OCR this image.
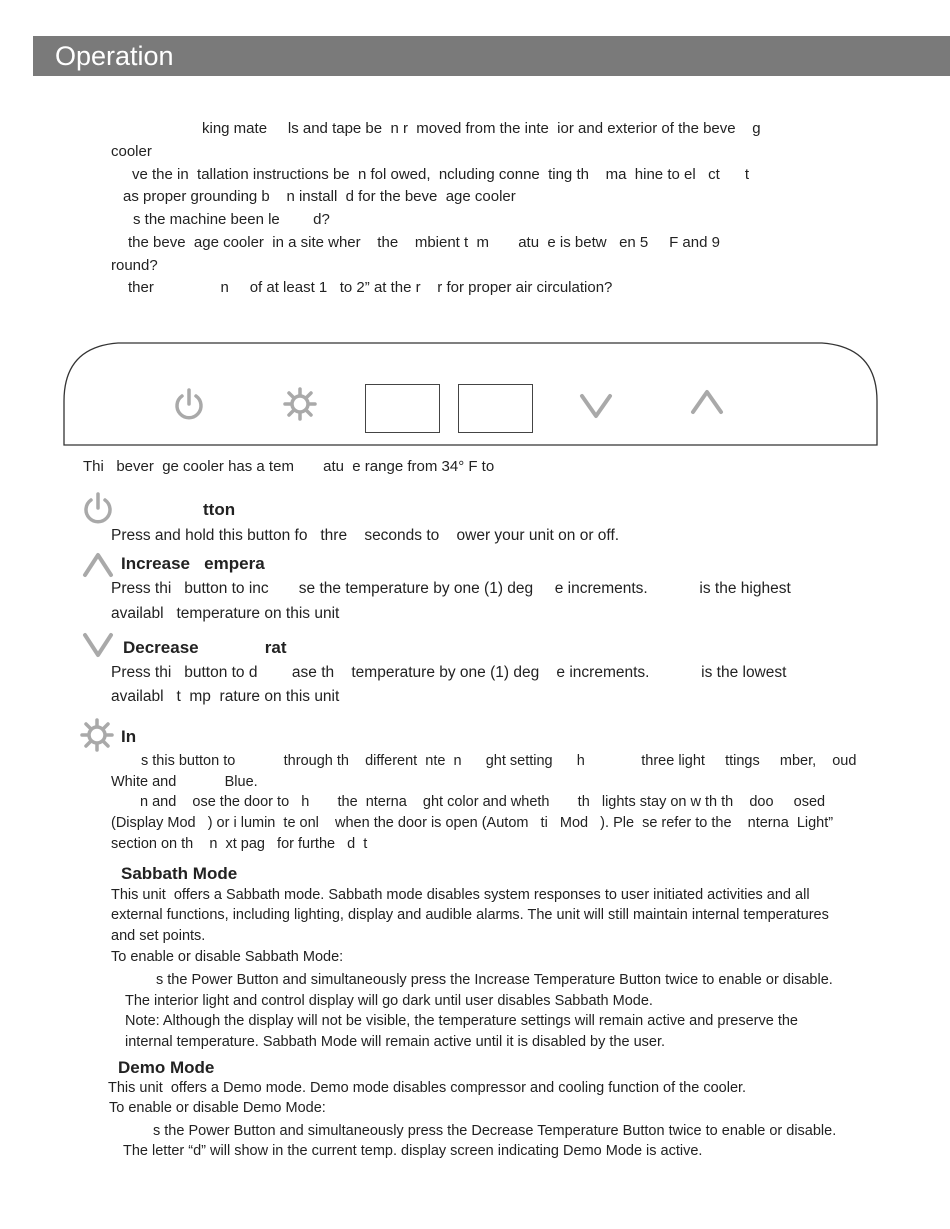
Operation
king mate     ls and tape be  n r  moved from the inte  ior and exterior of the beve    g
cooler
ve the in  tallation instructions be  n fol owed,  ncluding conne  ting th    ma  hine to el   ct      t
as proper grounding b    n install  d for the beve  age cooler
s the machine been le        d?
the beve  age cooler  in a site wher    the    mbient t  m       atu  e is betw   en 5     F and 9
round?
ther                n     of at least 1   to 2” at the r    r for proper air circulation?
Thi   bever  ge cooler has a tem       atu  e range from 34° F to
tton
Press and hold this button fo   thre    seconds to    ower your unit on or off.
Increase   empera
Press thi   button to inc       se the temperature by one (1) deg     e increments.            is the highest
availabl   temperature on this unit
Decrease              rat
Press thi   button to d        ase th    temperature by one (1) deg    e increments.            is the lowest
availabl   t  mp  rature on this unit
In
s this button to            through th    different  nte  n      ght setting      h              three light     ttings     mber,    oud
White and            Blue.
n and    ose the door to   h       the  nterna    ght color and wheth       th   lights stay on w th th    doo     osed
(Display Mod   ) or i lumin  te onl    when the door is open (Autom   ti   Mod   ). Ple  se refer to the    nterna  Light”
section on th    n  xt pag   for furthe   d  t
Sabbath Mode
This unit  offers a Sabbath mode. Sabbath mode disables system responses to user initiated activities and all
external functions, including lighting, display and audible alarms. The unit will still maintain internal temperatures
and set points.
To enable or disable Sabbath Mode:
s the Power Button and simultaneously press the Increase Temperature Button twice to enable or disable.
The interior light and control display will go dark until user disables Sabbath Mode.
Note: Although the display will not be visible, the temperature settings will remain active and preserve the
internal temperature. Sabbath Mode will remain active until it is disabled by the user.
Demo Mode
This unit  offers a Demo mode. Demo mode disables compressor and cooling function of the cooler.
To enable or disable Demo Mode:
s the Power Button and simultaneously press the Decrease Temperature Button twice to enable or disable.
The letter “d” will show in the current temp. display screen indicating Demo Mode is active.
